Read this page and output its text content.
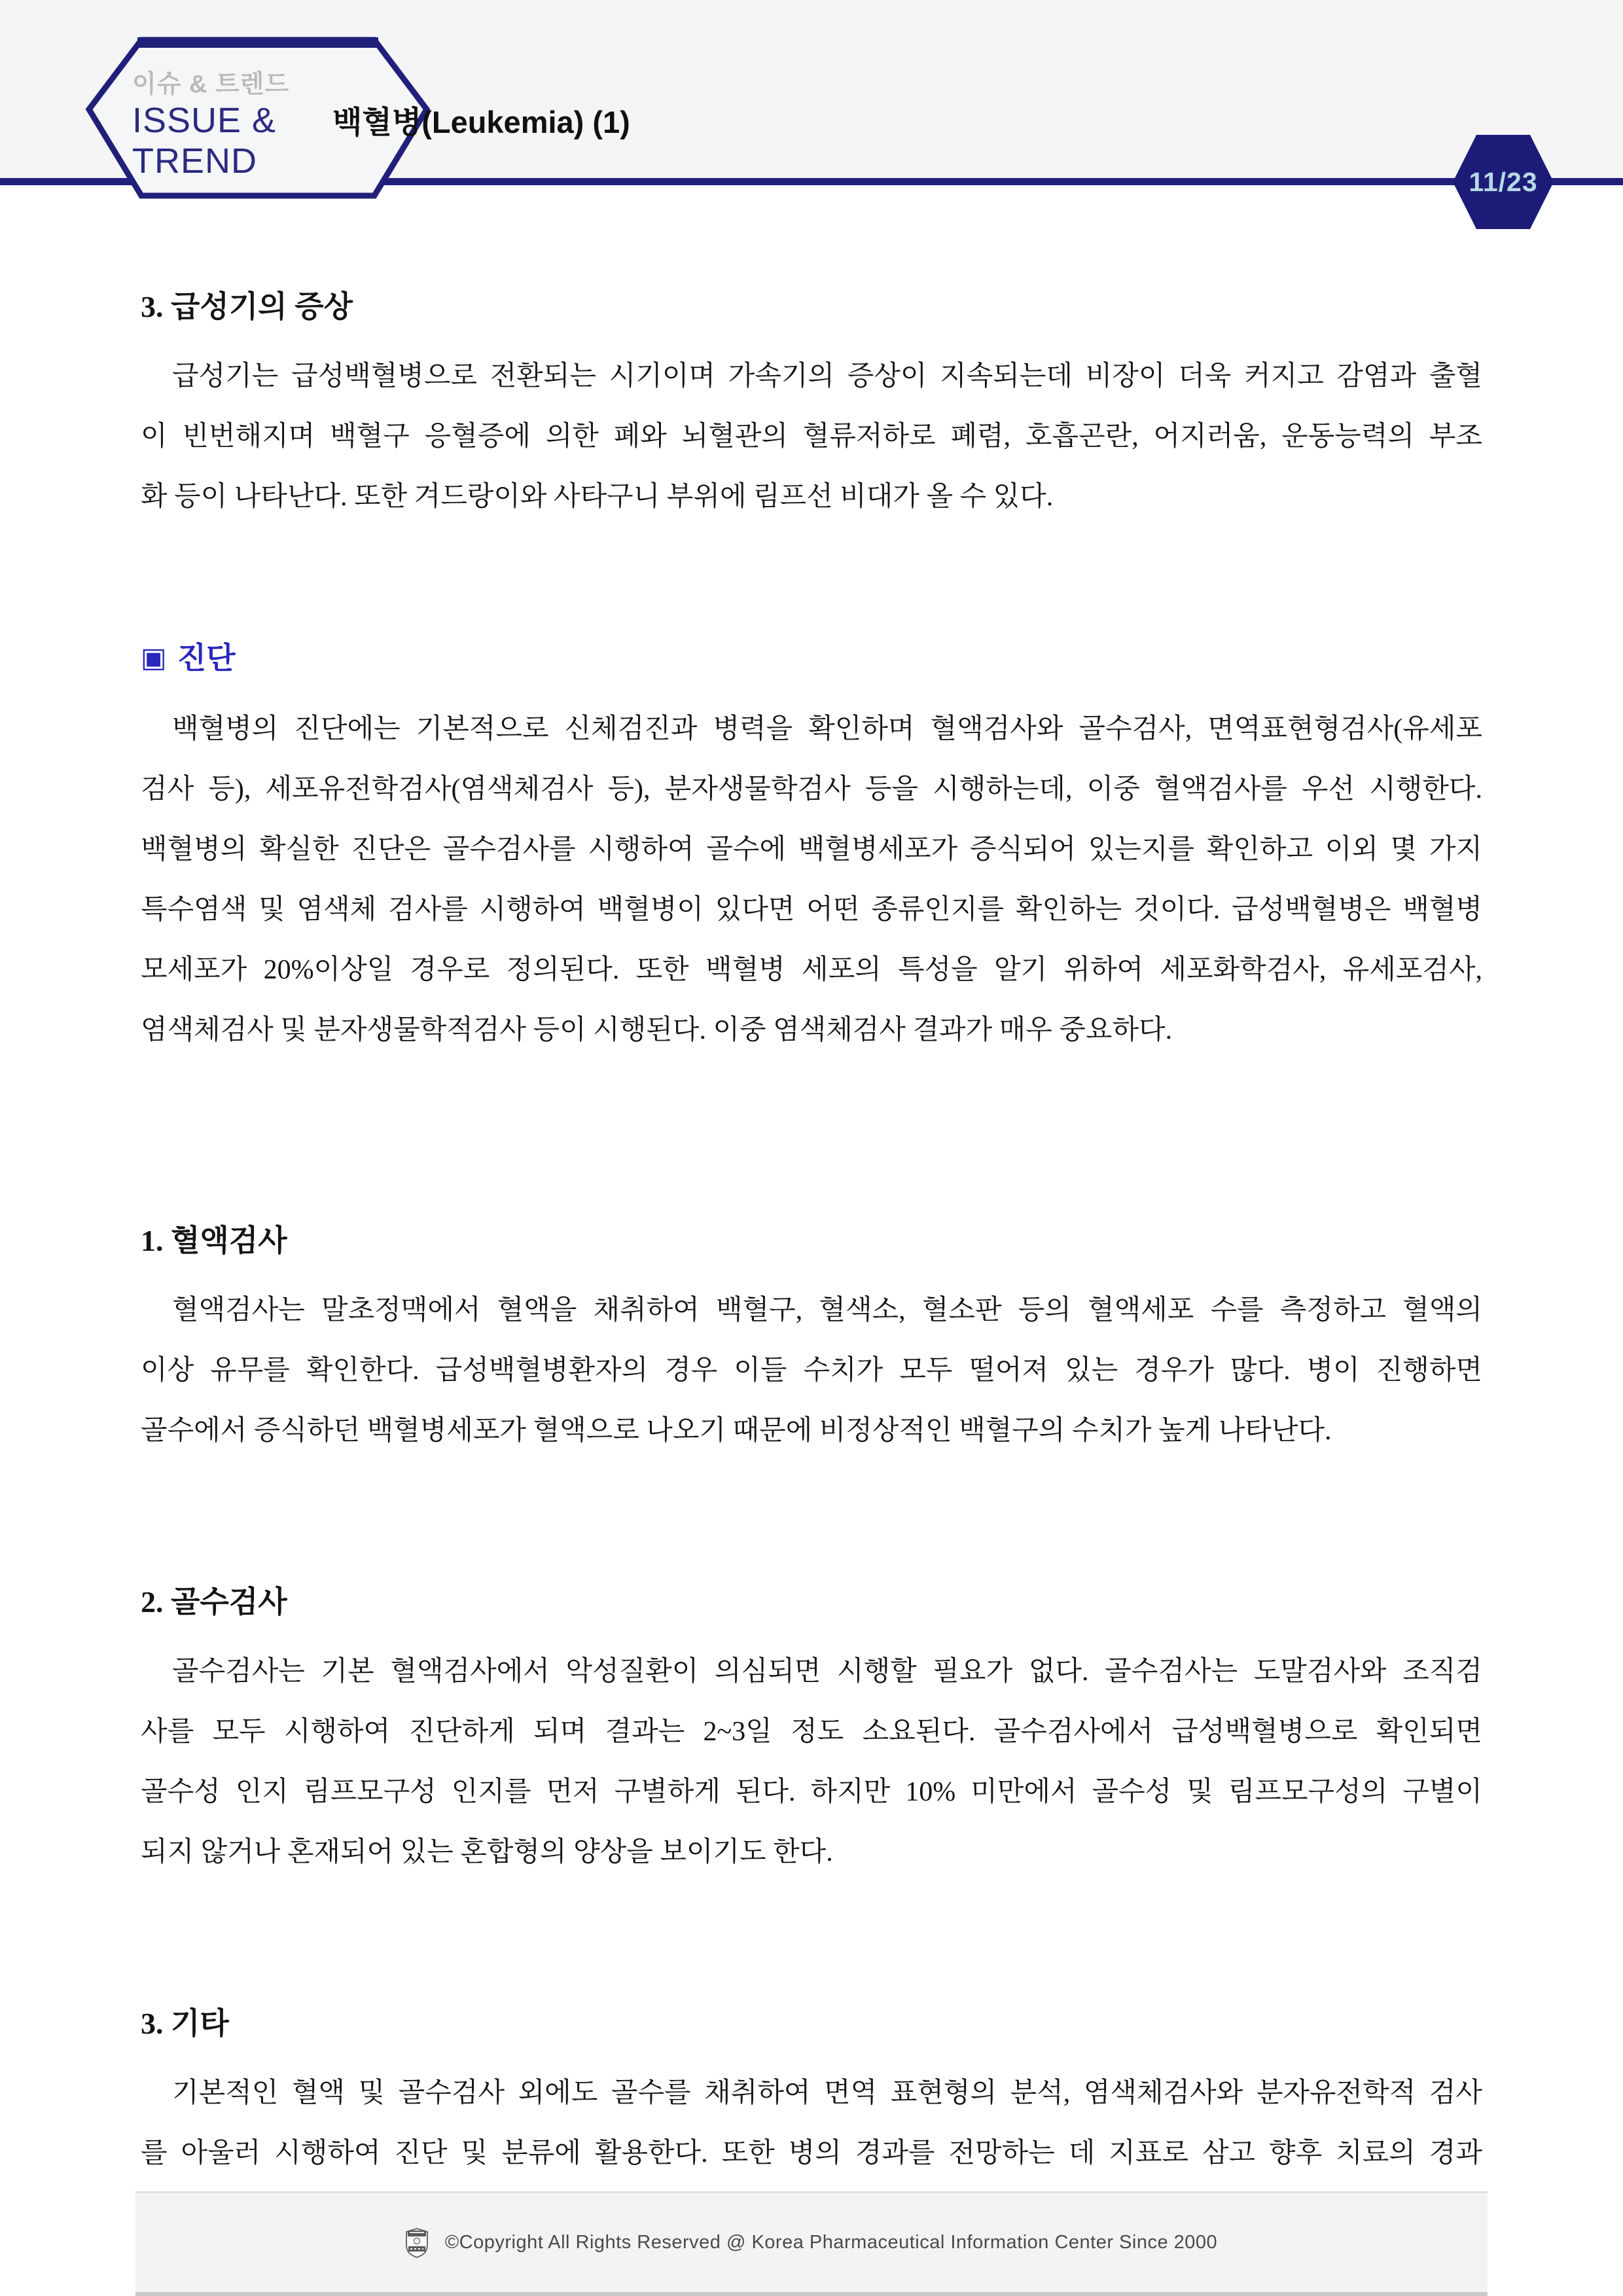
이슈 & 트렌드
ISSUE &
TREND
백혈병(Leukemia) (1)
11/23
3. 급성기의 증상

급성기는 급성백혈병으로 전환되는 시기이며 가속기의 증상이 지속되는데 비장이 더욱 커지고 감염과 출혈

이 빈번해지며 백혈구 응혈증에 의한 폐와 뇌혈관의 혈류저하로 폐렴, 호흡곤란, 어지러움, 운동능력의 부조

화 등이 나타난다. 또한 겨드랑이와 사타구니 부위에 림프선 비대가 올 수 있다.

▣ 진단

백혈병의 진단에는 기본적으로 신체검진과 병력을 확인하며 혈액검사와 골수검사, 면역표현형검사(유세포

검사 등), 세포유전학검사(염색체검사 등), 분자생물학검사 등을 시행하는데, 이중 혈액검사를 우선 시행한다.

백혈병의 확실한 진단은 골수검사를 시행하여 골수에 백혈병세포가 증식되어 있는지를 확인하고 이외 몇 가지

특수염색 및 염색체 검사를 시행하여 백혈병이 있다면 어떤 종류인지를 확인하는 것이다. 급성백혈병은 백혈병

모세포가 20%이상일 경우로 정의된다. 또한 백혈병 세포의 특성을 알기 위하여 세포화학검사, 유세포검사,

염색체검사 및 분자생물학적검사 등이 시행된다. 이중 염색체검사 결과가 매우 중요하다.

1. 혈액검사

혈액검사는 말초정맥에서 혈액을 채취하여 백혈구, 혈색소, 혈소판 등의 혈액세포 수를 측정하고 혈액의

이상 유무를 확인한다. 급성백혈병환자의 경우 이들 수치가 모두 떨어져 있는 경우가 많다. 병이 진행하면

골수에서 증식하던 백혈병세포가 혈액으로 나오기 때문에 비정상적인 백혈구의 수치가 높게 나타난다.

2. 골수검사

골수검사는 기본 혈액검사에서 악성질환이 의심되면 시행할 필요가 없다. 골수검사는 도말검사와 조직검

사를 모두 시행하여 진단하게 되며 결과는 2~3일 정도 소요된다. 골수검사에서 급성백혈병으로 확인되면

골수성 인지 림프모구성 인지를 먼저 구별하게 된다. 하지만 10% 미만에서 골수성 및 림프모구성의 구별이

되지 않거나 혼재되어 있는 혼합형의 양상을 보이기도 한다.

3. 기타

기본적인 혈액 및 골수검사 외에도 골수를 채취하여 면역 표현형의 분석, 염색체검사와 분자유전학적 검사

를 아울러 시행하여 진단 및 분류에 활용한다. 또한 병의 경과를 전망하는 데 지표로 삼고 향후 치료의 경과

©Copyright All Rights Reserved @ Korea Pharmaceutical Information Center Since 2000
